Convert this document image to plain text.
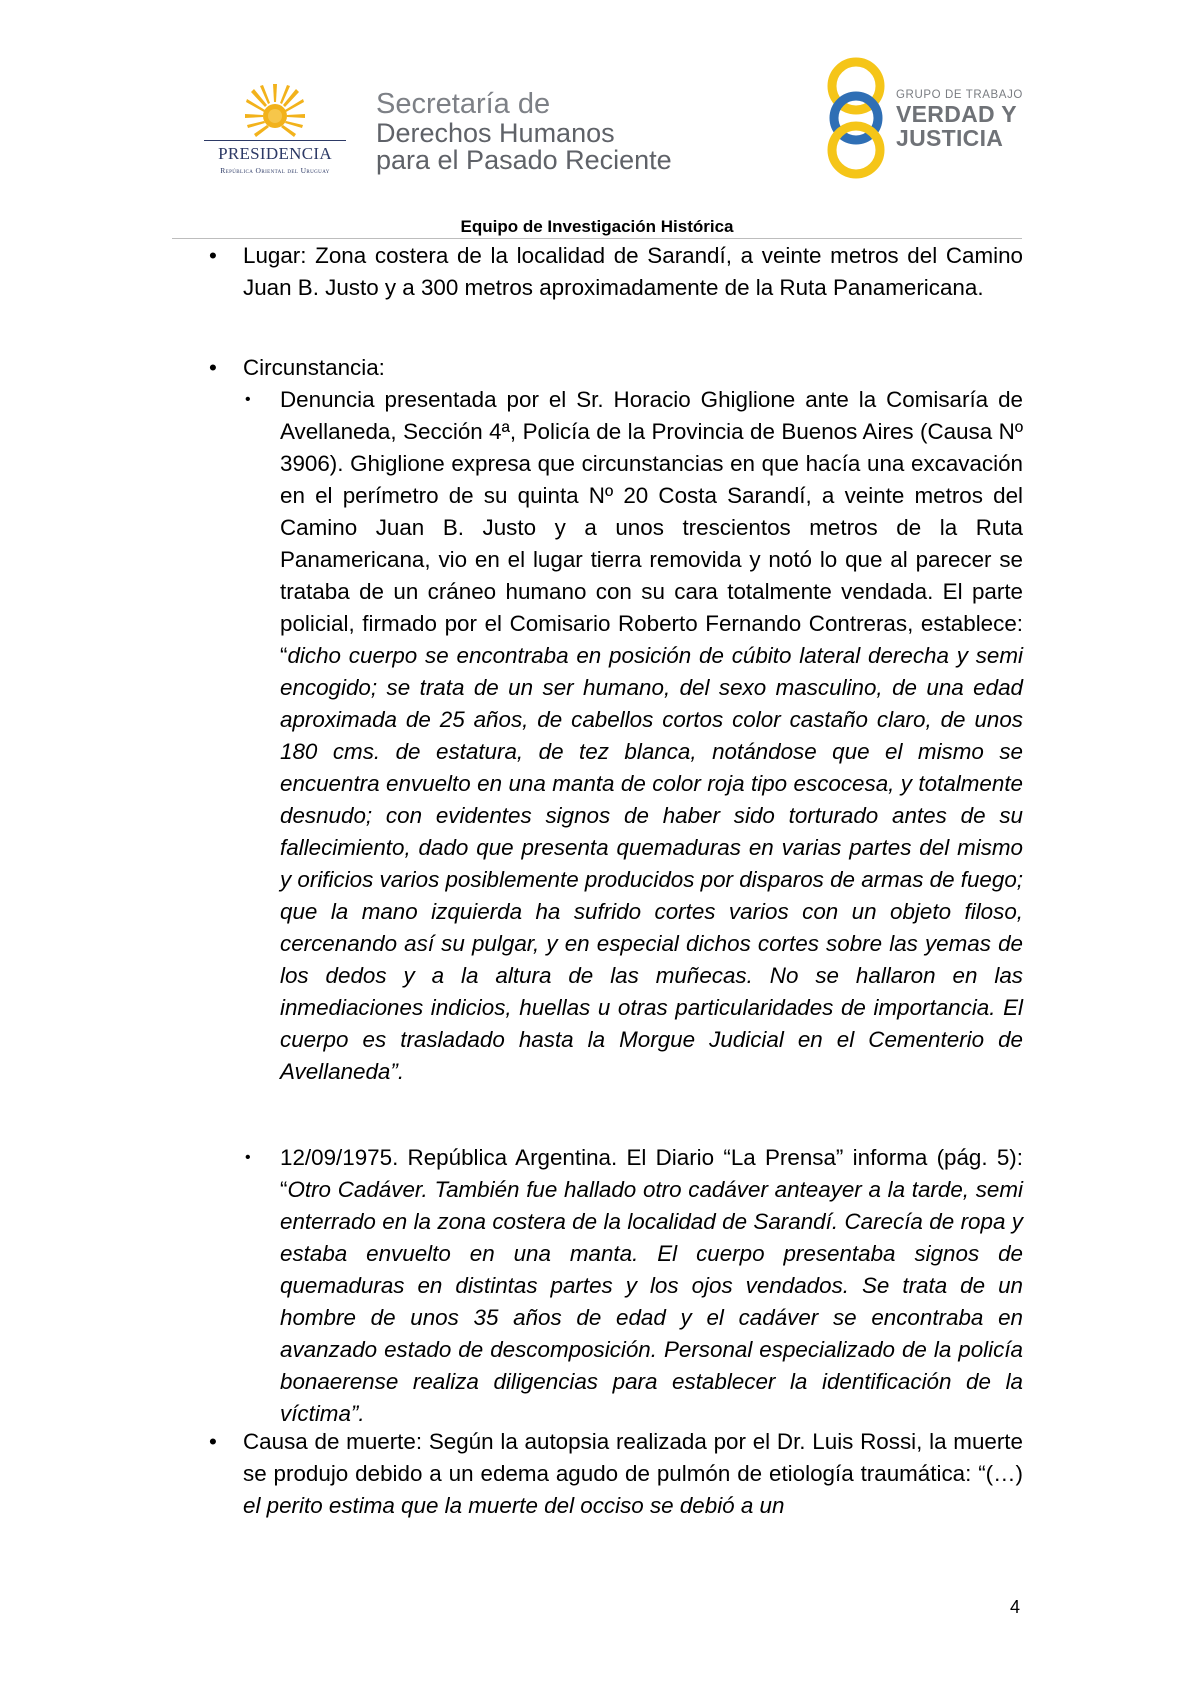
PRESIDENCIA
República Oriental del Uruguay
Secretaría de
Derechos Humanos
para el Pasado Reciente
GRUPO DE TRABAJO
VERDAD Y
JUSTICIA
Equipo de Investigación Histórica
• Lugar: Zona costera de la localidad de Sarandí, a veinte metros del Camino Juan B. Justo y a 300 metros aproximadamente de la Ruta Panamericana.
• Circunstancia:
• Denuncia presentada por el Sr. Horacio Ghiglione ante la Comisaría de Avellaneda, Sección 4ª, Policía de la Provincia de Buenos Aires (Causa Nº 3906). Ghiglione expresa que circunstancias en que hacía una excavación en el perímetro de su quinta Nº 20 Costa Sarandí, a veinte metros del Camino Juan B. Justo y a unos trescientos metros de la Ruta Panamericana, vio en el lugar tierra removida y notó lo que al parecer se trataba de un cráneo humano con su cara totalmente vendada. El parte policial, firmado por el Comisario Roberto Fernando Contreras, establece: “dicho cuerpo se encontraba en posición de cúbito lateral derecha y semi encogido; se trata de un ser humano, del sexo masculino, de una edad aproximada de 25 años, de cabellos cortos color castaño claro, de unos 180 cms. de estatura, de tez blanca, notándose que el mismo se encuentra envuelto en una manta de color roja tipo escocesa, y totalmente desnudo; con evidentes signos de haber sido torturado antes de su fallecimiento, dado que presenta quemaduras en varias partes del mismo y orificios varios posiblemente producidos por disparos de armas de fuego; que la mano izquierda ha sufrido cortes varios con un objeto filoso, cercenando así su pulgar, y en especial dichos cortes sobre las yemas de los dedos y a la altura de las muñecas. No se hallaron en las inmediaciones indicios, huellas u otras particularidades de importancia. El cuerpo es trasladado hasta la Morgue Judicial en el Cementerio de Avellaneda”.
• 12/09/1975. República Argentina. El Diario “La Prensa” informa (pág. 5): “Otro Cadáver. También fue hallado otro cadáver anteayer a la tarde, semi enterrado en la zona costera de la localidad de Sarandí. Carecía de ropa y estaba envuelto en una manta. El cuerpo presentaba signos de quemaduras en distintas partes y los ojos vendados. Se trata de un hombre de unos 35 años de edad y el cadáver se encontraba en avanzado estado de descomposición. Personal especializado de la policía bonaerense realiza diligencias para establecer la identificación de la víctima”.
• Causa de muerte: Según la autopsia realizada por el Dr. Luis Rossi, la muerte se produjo debido a un edema agudo de pulmón de etiología traumática: “(…) el perito estima que la muerte del occiso se debió a un
4
